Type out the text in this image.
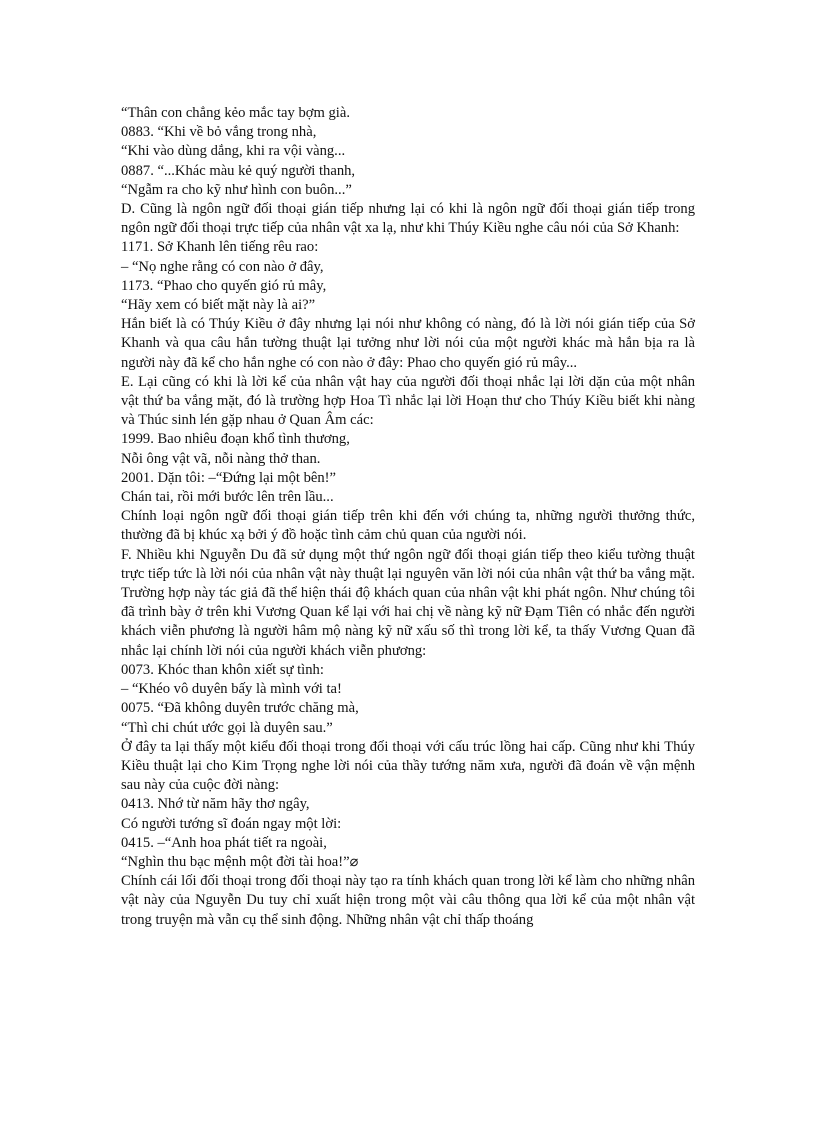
“Thân con chẳng kẻo mắc tay bợm già.
0883. “Khi về bỏ vắng trong nhà,
“Khi vào dùng dắng, khi ra vội vàng...
0887. “...Khác màu kẻ quý người thanh,
“Ngẫm ra cho kỹ như hình con buôn...”
D. Cũng là ngôn ngữ đối thoại gián tiếp nhưng lại có khi là ngôn ngữ đối thoại gián tiếp trong ngôn ngữ đối thoại trực tiếp của nhân vật xa lạ, như khi Thúy Kiều nghe câu nói của Sở Khanh:
1171. Sở Khanh lên tiếng rêu rao:
– “Nọ nghe rằng có con nào ở đây,
1173. “Phao cho quyến gió rủ mây,
“Hãy xem có biết mặt này là ai?”
Hắn biết là có Thúy Kiều ở đây nhưng lại nói như không có nàng, đó là lời nói gián tiếp của Sở Khanh và qua câu hắn tường thuật lại tưởng như lời nói của một người khác mà hắn bịa ra là người này đã kể cho hắn nghe có con nào ở đây: Phao cho quyến gió rủ mây...
E. Lại cũng có khi là lời kể của nhân vật hay của người đối thoại nhắc lại lời dặn của một nhân vật thứ ba vắng mặt, đó là trường hợp Hoa Tì nhắc lại lời Hoạn thư cho Thúy Kiều biết khi nàng và Thúc sinh lén gặp nhau ở Quan Âm các:
1999. Bao nhiêu đoạn khổ tình thương,
Nỗi ông vật vã, nỗi nàng thở than.
2001. Dặn tôi: –“Đứng lại một bên!”
Chán tai, rồi mới bước lên trên lầu...
Chính loại ngôn ngữ đối thoại gián tiếp trên khi đến với chúng ta, những người thưởng thức, thường đã bị khúc xạ bởi ý đồ hoặc tình cảm chủ quan của người nói.
F. Nhiều khi Nguyễn Du đã sử dụng một thứ ngôn ngữ đối thoại gián tiếp theo kiểu tường thuật trực tiếp tức là lời nói của nhân vật này thuật lại nguyên văn lời nói của nhân vật thứ ba vắng mặt. Trường hợp này tác giả đã thể hiện thái độ khách quan của nhân vật khi phát ngôn. Như chúng tôi đã trình bày ở trên khi Vương Quan kể lại với hai chị về nàng kỹ nữ Đạm Tiên có nhắc đến người khách viễn phương là người hâm mộ nàng kỹ nữ xấu số thì trong lời kể, ta thấy Vương Quan đã nhắc lại chính lời nói của người khách viễn phương:
0073. Khóc than khôn xiết sự tình:
– “Khéo vô duyên bấy là mình với ta!
0075. “Đã không duyên trước chăng mà,
“Thì chi chút ước gọi là duyên sau.”
Ở đây ta lại thấy một kiểu đối thoại trong đối thoại với cấu trúc lồng hai cấp. Cũng như khi Thúy Kiều thuật lại cho Kim Trọng nghe lời nói của thầy tướng năm xưa, người đã đoán về vận mệnh sau này của cuộc đời nàng:
0413. Nhớ từ năm hãy thơ ngây,
Có người tướng sĩ đoán ngay một lời:
0415. –“Anh hoa phát tiết ra ngoài,
“Nghìn thu bạc mệnh một đời tài hoa!”⌀
Chính cái lối đối thoại trong đối thoại này tạo ra tính khách quan trong lời kể làm cho những nhân vật này của Nguyễn Du tuy chỉ xuất hiện trong một vài câu thông qua lời kể của một nhân vật trong truyện mà vẫn cụ thể sinh động. Những nhân vật chỉ thấp thoáng
